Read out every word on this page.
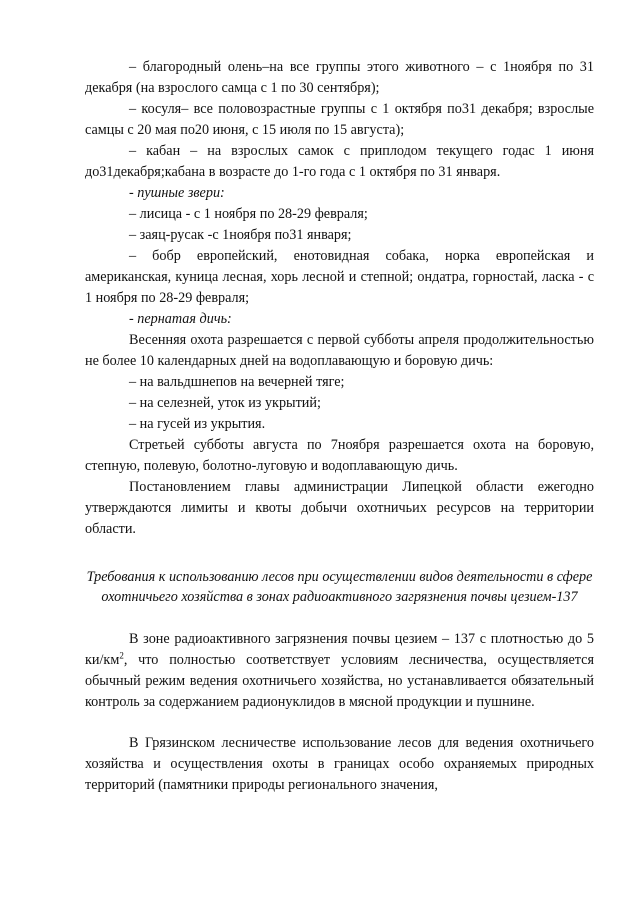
– благородный олень–на все группы этого животного – с 1ноября по 31 декабря (на взрослого самца с 1 по 30 сентября);

– косуля– все половозрастные группы с 1 октября по31 декабря; взрослые самцы с 20 мая по20 июня, с 15 июля по 15 августа);

– кабан – на взрослых самок с приплодом текущего годас 1 июня до31декабря;кабана в возрасте до 1-го года с 1 октября по 31 января.

- пушные звери:

– лисица - с 1 ноября по 28-29 февраля;

– заяц-русак -с 1ноября по31 января;

– бобр европейский, енотовидная собака, норка европейская и американская, куница лесная, хорь лесной и степной; ондатра, горностай, ласка - с 1 ноября по 28-29 февраля;

- пернатая дичь:

Весенняя охота разрешается с первой субботы апреля продолжительностью не более 10 календарных дней на водоплавающую и боровую дичь:

– на вальдшнепов на вечерней тяге;

– на селезней, уток из укрытий;

– на гусей из укрытия.

Стретьей субботы августа по 7ноября разрешается охота на боровую, степную, полевую, болотно-луговую и водоплавающую дичь.

Постановлением главы администрации Липецкой области ежегодно утверждаются лимиты и квоты добычи охотничьих ресурсов на территории области.

Требования к использованию лесов при осуществлении видов деятельности в сфере охотничьего хозяйства в зонах радиоактивного загрязнения почвы цезием-137

В зоне радиоактивного загрязнения почвы цезием – 137 с плотностью до 5 $ки/км^2$, что полностью соответствует условиям лесничества, осуществляется обычный режим ведения охотничьего хозяйства, но устанавливается обязательный контроль за содержанием радионуклидов в мясной продукции и пушнине.

В Грязинском лесничестве использование лесов для ведения охотничьего хозяйства и осуществления охоты в границах особо охраняемых природных территорий (памятники природы регионального значения,
